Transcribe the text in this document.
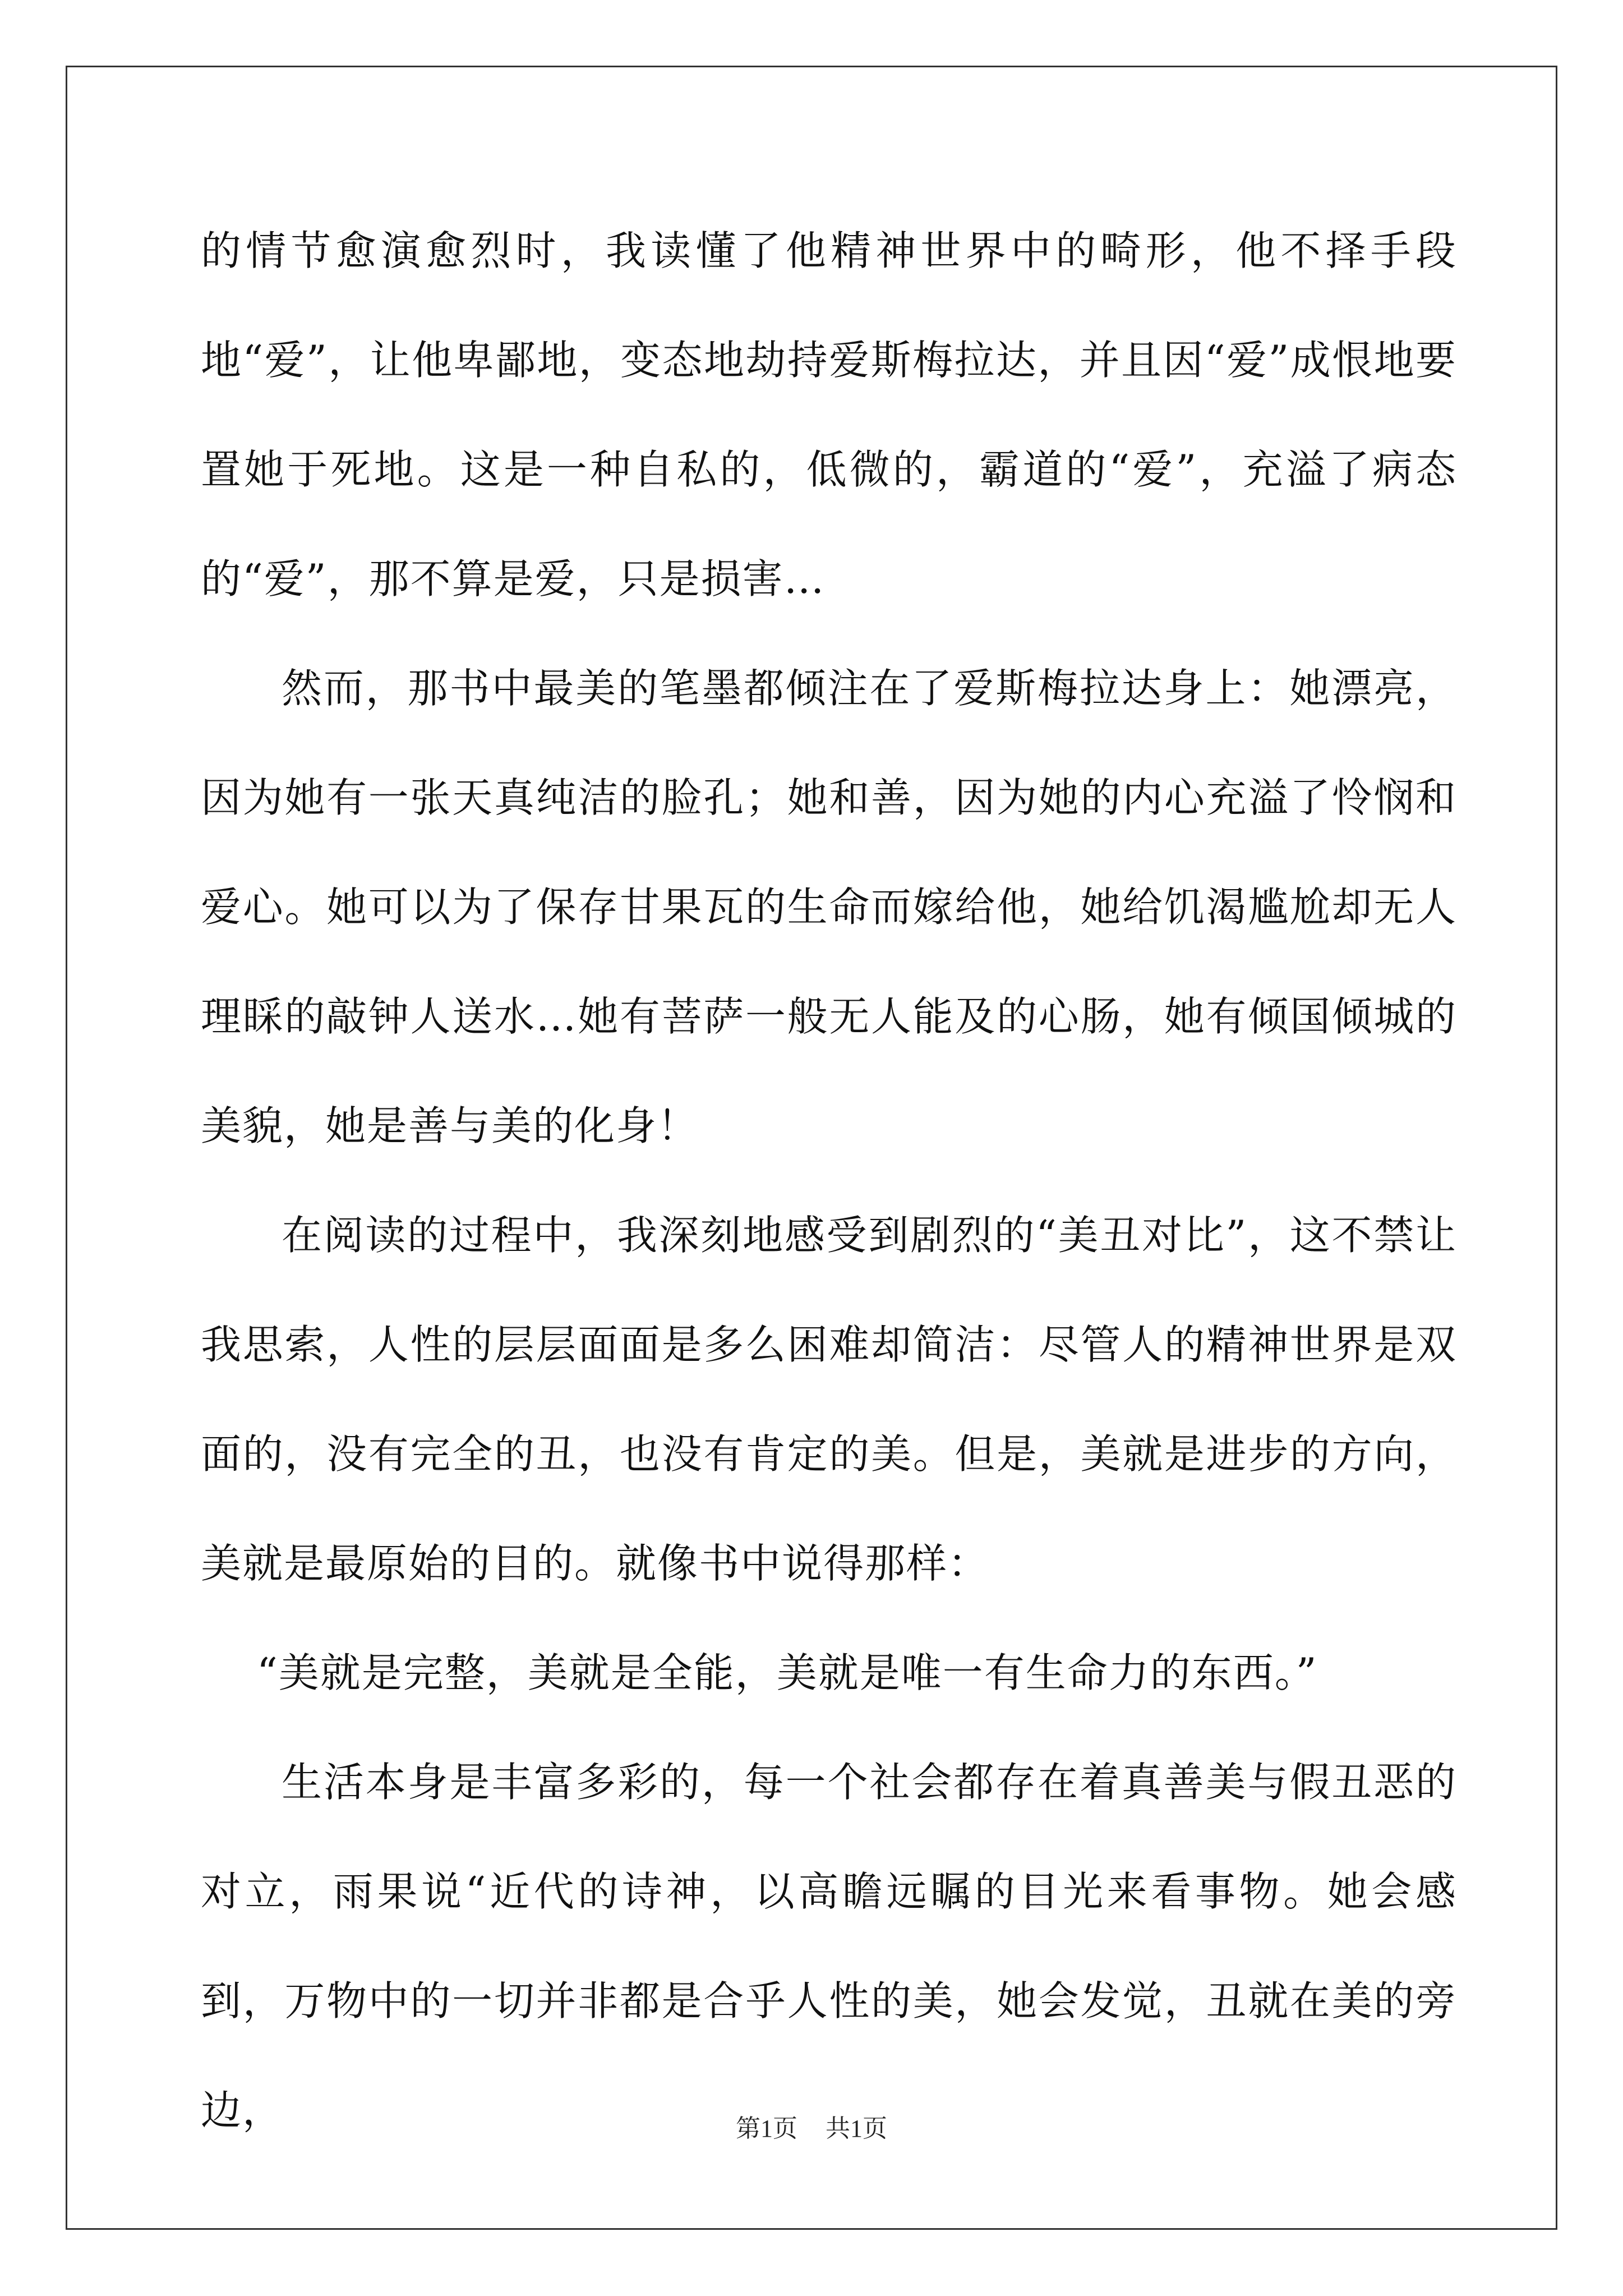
的情节愈演愈烈时，我读懂了他精神世界中的畸形，他不择手段地“爱”，让他卑鄙地，变态地劫持爱斯梅拉达，并且因“爱”成恨地要置她于死地。这是一种自私的，低微的，霸道的“爱”，充溢了病态的“爱”，那不算是爱，只是损害…

然而，那书中最美的笔墨都倾注在了爱斯梅拉达身上：她漂亮，因为她有一张天真纯洁的脸孔；她和善，因为她的内心充溢了怜悯和爱心。她可以为了保存甘果瓦的生命而嫁给他，她给饥渴尴尬却无人理睬的敲钟人送水…她有菩萨一般无人能及的心肠，她有倾国倾城的美貌，她是善与美的化身！

在阅读的过程中，我深刻地感受到剧烈的“美丑对比”，这不禁让我思索，人性的层层面面是多么困难却简洁：尽管人的精神世界是双面的，没有完全的丑，也没有肯定的美。但是，美就是进步的方向，美就是最原始的目的。就像书中说得那样：

“美就是完整，美就是全能，美就是唯一有生命力的东西。”

生活本身是丰富多彩的，每一个社会都存在着真善美与假丑恶的对立，雨果说“近代的诗神，以高瞻远瞩的目光来看事物。她会感到，万物中的一切并非都是合乎人性的美，她会发觉，丑就在美的旁边，	第1页 共1页
